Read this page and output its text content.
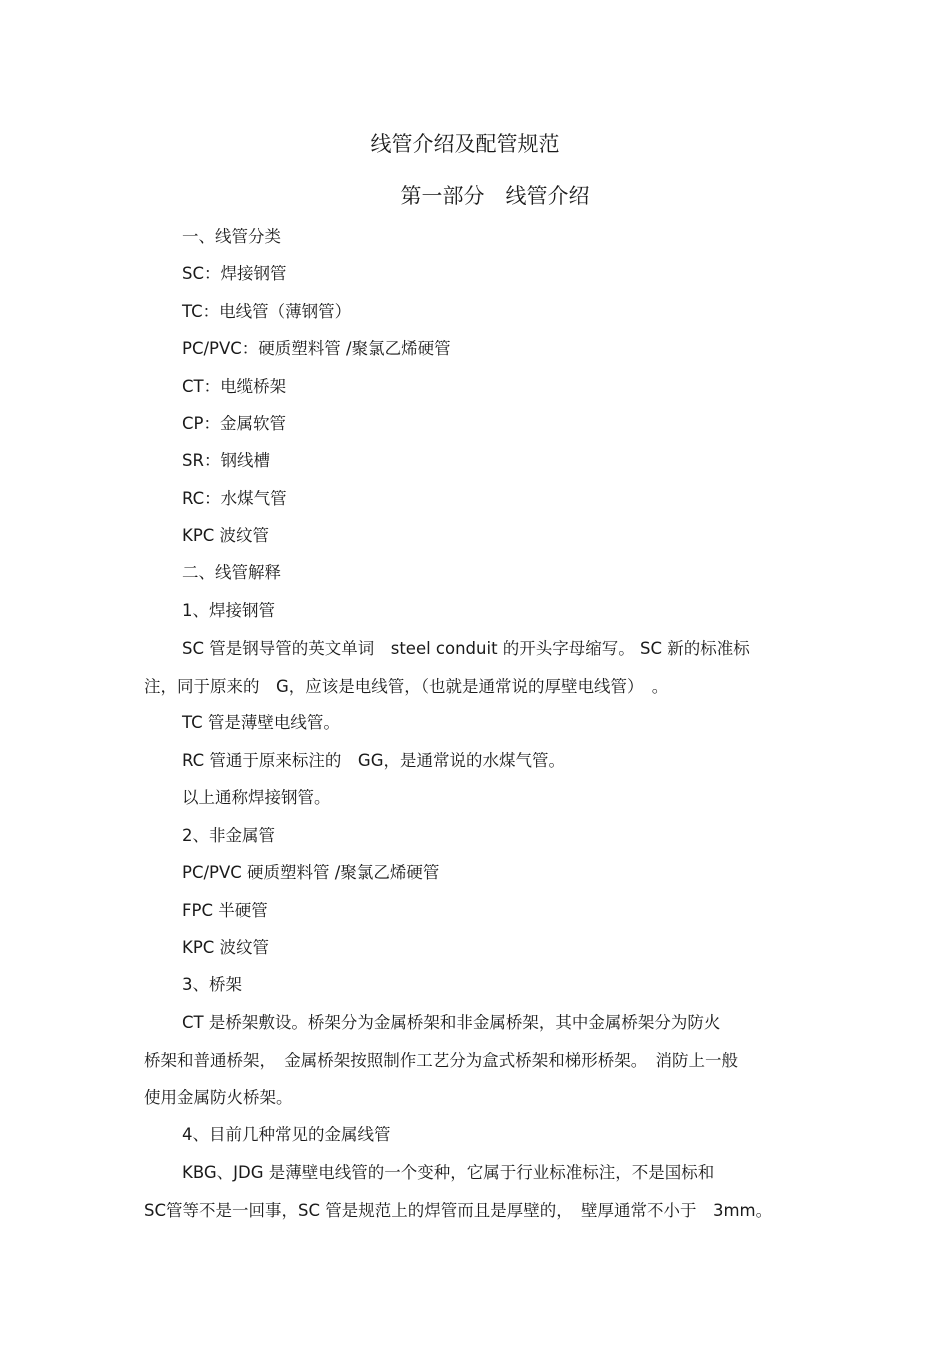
线管介绍及配管规范
第一部分　线管介绍
一、线管分类
SC：焊接钢管
TC：电线管（薄钢管）
PC/PVC：硬质塑料管 /聚氯乙烯硬管
CT：电缆桥架
CP：金属软管
SR：钢线槽
RC：水煤气管
KPC 波纹管
二、线管解释
1、焊接钢管
SC 管是钢导管的英文单词　steel conduit 的开头字母缩写。 SC 新的标准标
注，同于原来的　G，应该是电线管，（也就是通常说的厚壁电线管）　。
TC 管是薄壁电线管。
RC 管通于原来标注的　GG，是通常说的水煤气管。
以上通称焊接钢管。
2、非金属管
PC/PVC 硬质塑料管 /聚氯乙烯硬管
FPC 半硬管
KPC 波纹管
3、桥架
CT 是桥架敷设。桥架分为金属桥架和非金属桥架，其中金属桥架分为防火
桥架和普通桥架，　金属桥架按照制作工艺分为盒式桥架和梯形桥架。　消防上一般
使用金属防火桥架。
4、目前几种常见的金属线管
KBG、JDG 是薄壁电线管的一个变种，它属于行业标准标注，不是国标和
SC管等不是一回事，SC 管是规范上的焊管而且是厚壁的，　壁厚通常不小于　3mm。
